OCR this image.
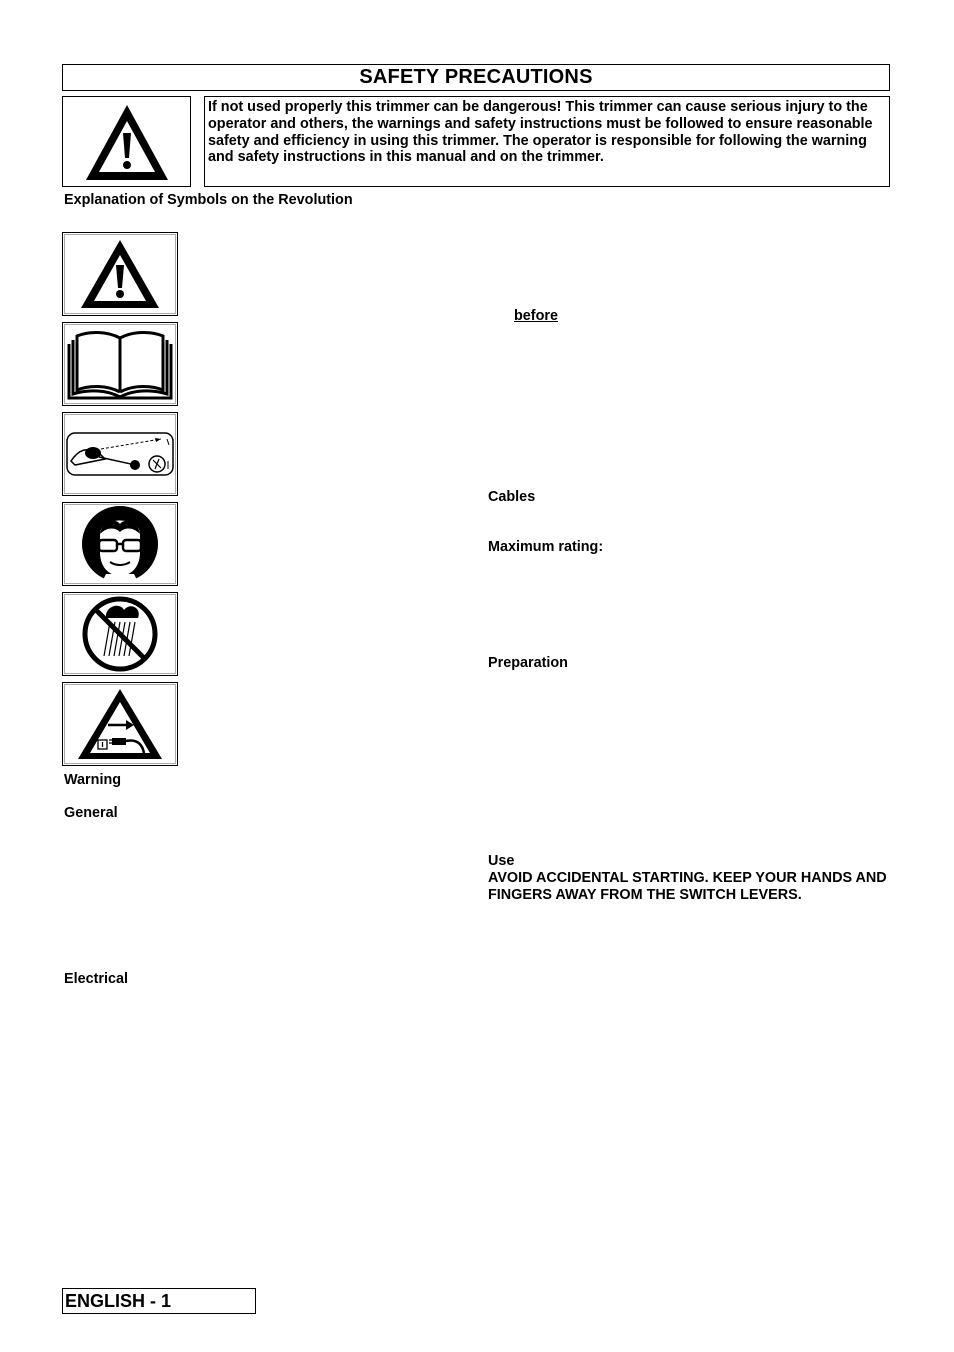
SAFETY PRECAUTIONS

If not used properly this trimmer can be dangerous! This trimmer can cause serious injury to the operator and others, the warnings and safety instructions must be followed to ensure reasonable safety and efficiency in using this trimmer. The operator is responsible for following the warning and safety instructions in this manual and on the trimmer.

Explanation of Symbols on the Revolution

Warning

General

Electrical

before

Cables

Maximum rating:

Preparation

Use

AVOID ACCIDENTAL STARTING. KEEP YOUR HANDS AND FINGERS AWAY FROM THE SWITCH LEVERS.

ENGLISH - 1
